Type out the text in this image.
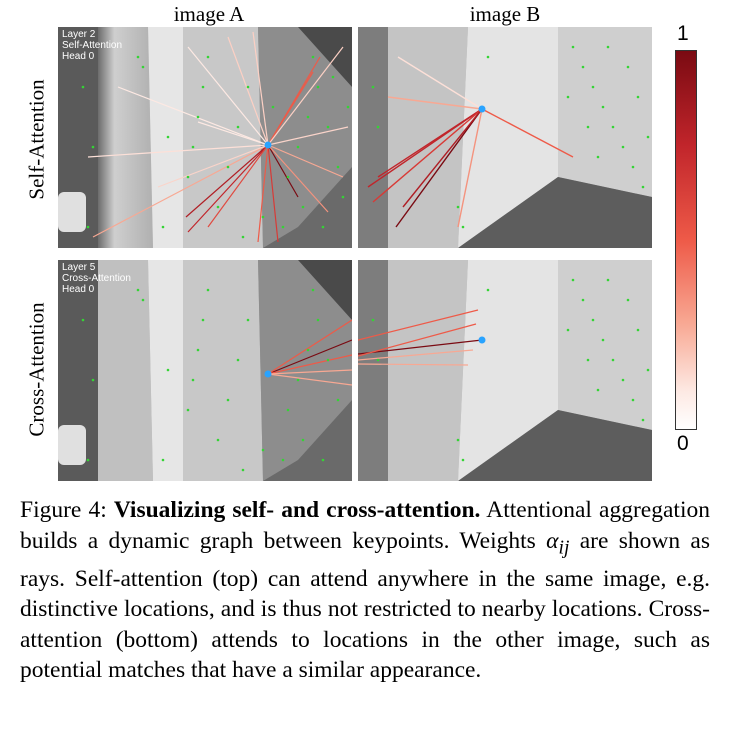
image A	image B
Self-Attention
Cross-Attention
Layer 2
Self-Attention
Head 0
Layer 5
Cross-Attention
Head 0
1
0
Figure 4: Visualizing self- and cross-attention. Attentional aggregation builds a dynamic graph between keypoints. Weights $\alpha_{ij}$ are shown as rays. Self-attention (top) can attend anywhere in the same image, e.g. distinctive locations, and is thus not restricted to nearby locations. Cross-attention (bottom) attends to locations in the other image, such as potential matches that have a similar appearance.
